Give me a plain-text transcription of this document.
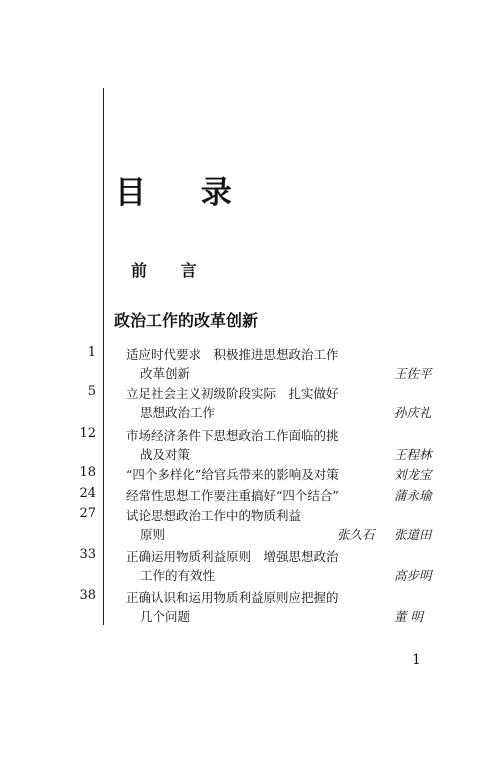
目 录
前 言
政治工作的改革创新
1 适应时代要求　积极推进思想政治工作
改革创新	王佐平
5 立足社会主义初级阶段实际　扎实做好
思想政治工作	孙庆礼
12 市场经济条件下思想政治工作面临的挑
战及对策	王程林
18 “四个多样化”给官兵带来的影响及对策	刘龙宝
24 经常性思想工作要注重搞好“四个结合”	蒲永瑜
27 试论思想政治工作中的物质利益
原则	张久石 张道田
33 正确运用物质利益原则　增强思想政治
工作的有效性	高步明
38 正确认识和运用物质利益原则应把握的
几个问题	董 明
1
